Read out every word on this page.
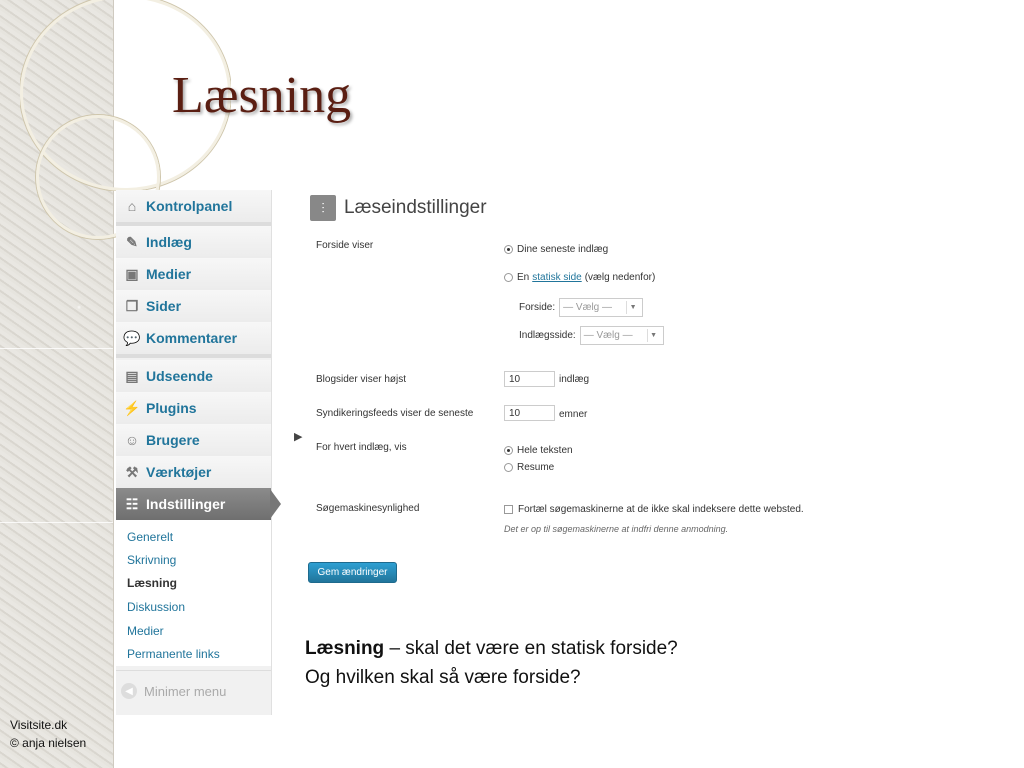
Læsning
⌂ Kontrolpanel
✎ Indlæg
▣ Medier
❐ Sider
💬 Kommentarer
▤ Udseende
⚡ Plugins
☺ Brugere
⚒ Værktøjer
☷ Indstillinger
Generelt
Skrivning
Læsning
Diskussion
Medier
Permanente links
◀ Minimer menu
▶
⫶	Læseindstillinger
Forside viser	Dine seneste indlæg
En statisk side (vælg nedenfor)
Forside: — Vælg —	▼
Indlægsside: — Vælg —	▼
Blogsider viser højst	10	indlæg
Syndikeringsfeeds viser de seneste	10	emner
For hvert indlæg, vis	Hele teksten
Resume
Søgemaskinesynlighed	Fortæl søgemaskinerne at de ikke skal indeksere dette websted.
Det er op til søgemaskinerne at indfri denne anmodning.
Gem ændringer
Læsning – skal det være en statisk forside?
Og hvilken skal så være forside?
Visitsite.dk
© anja nielsen
